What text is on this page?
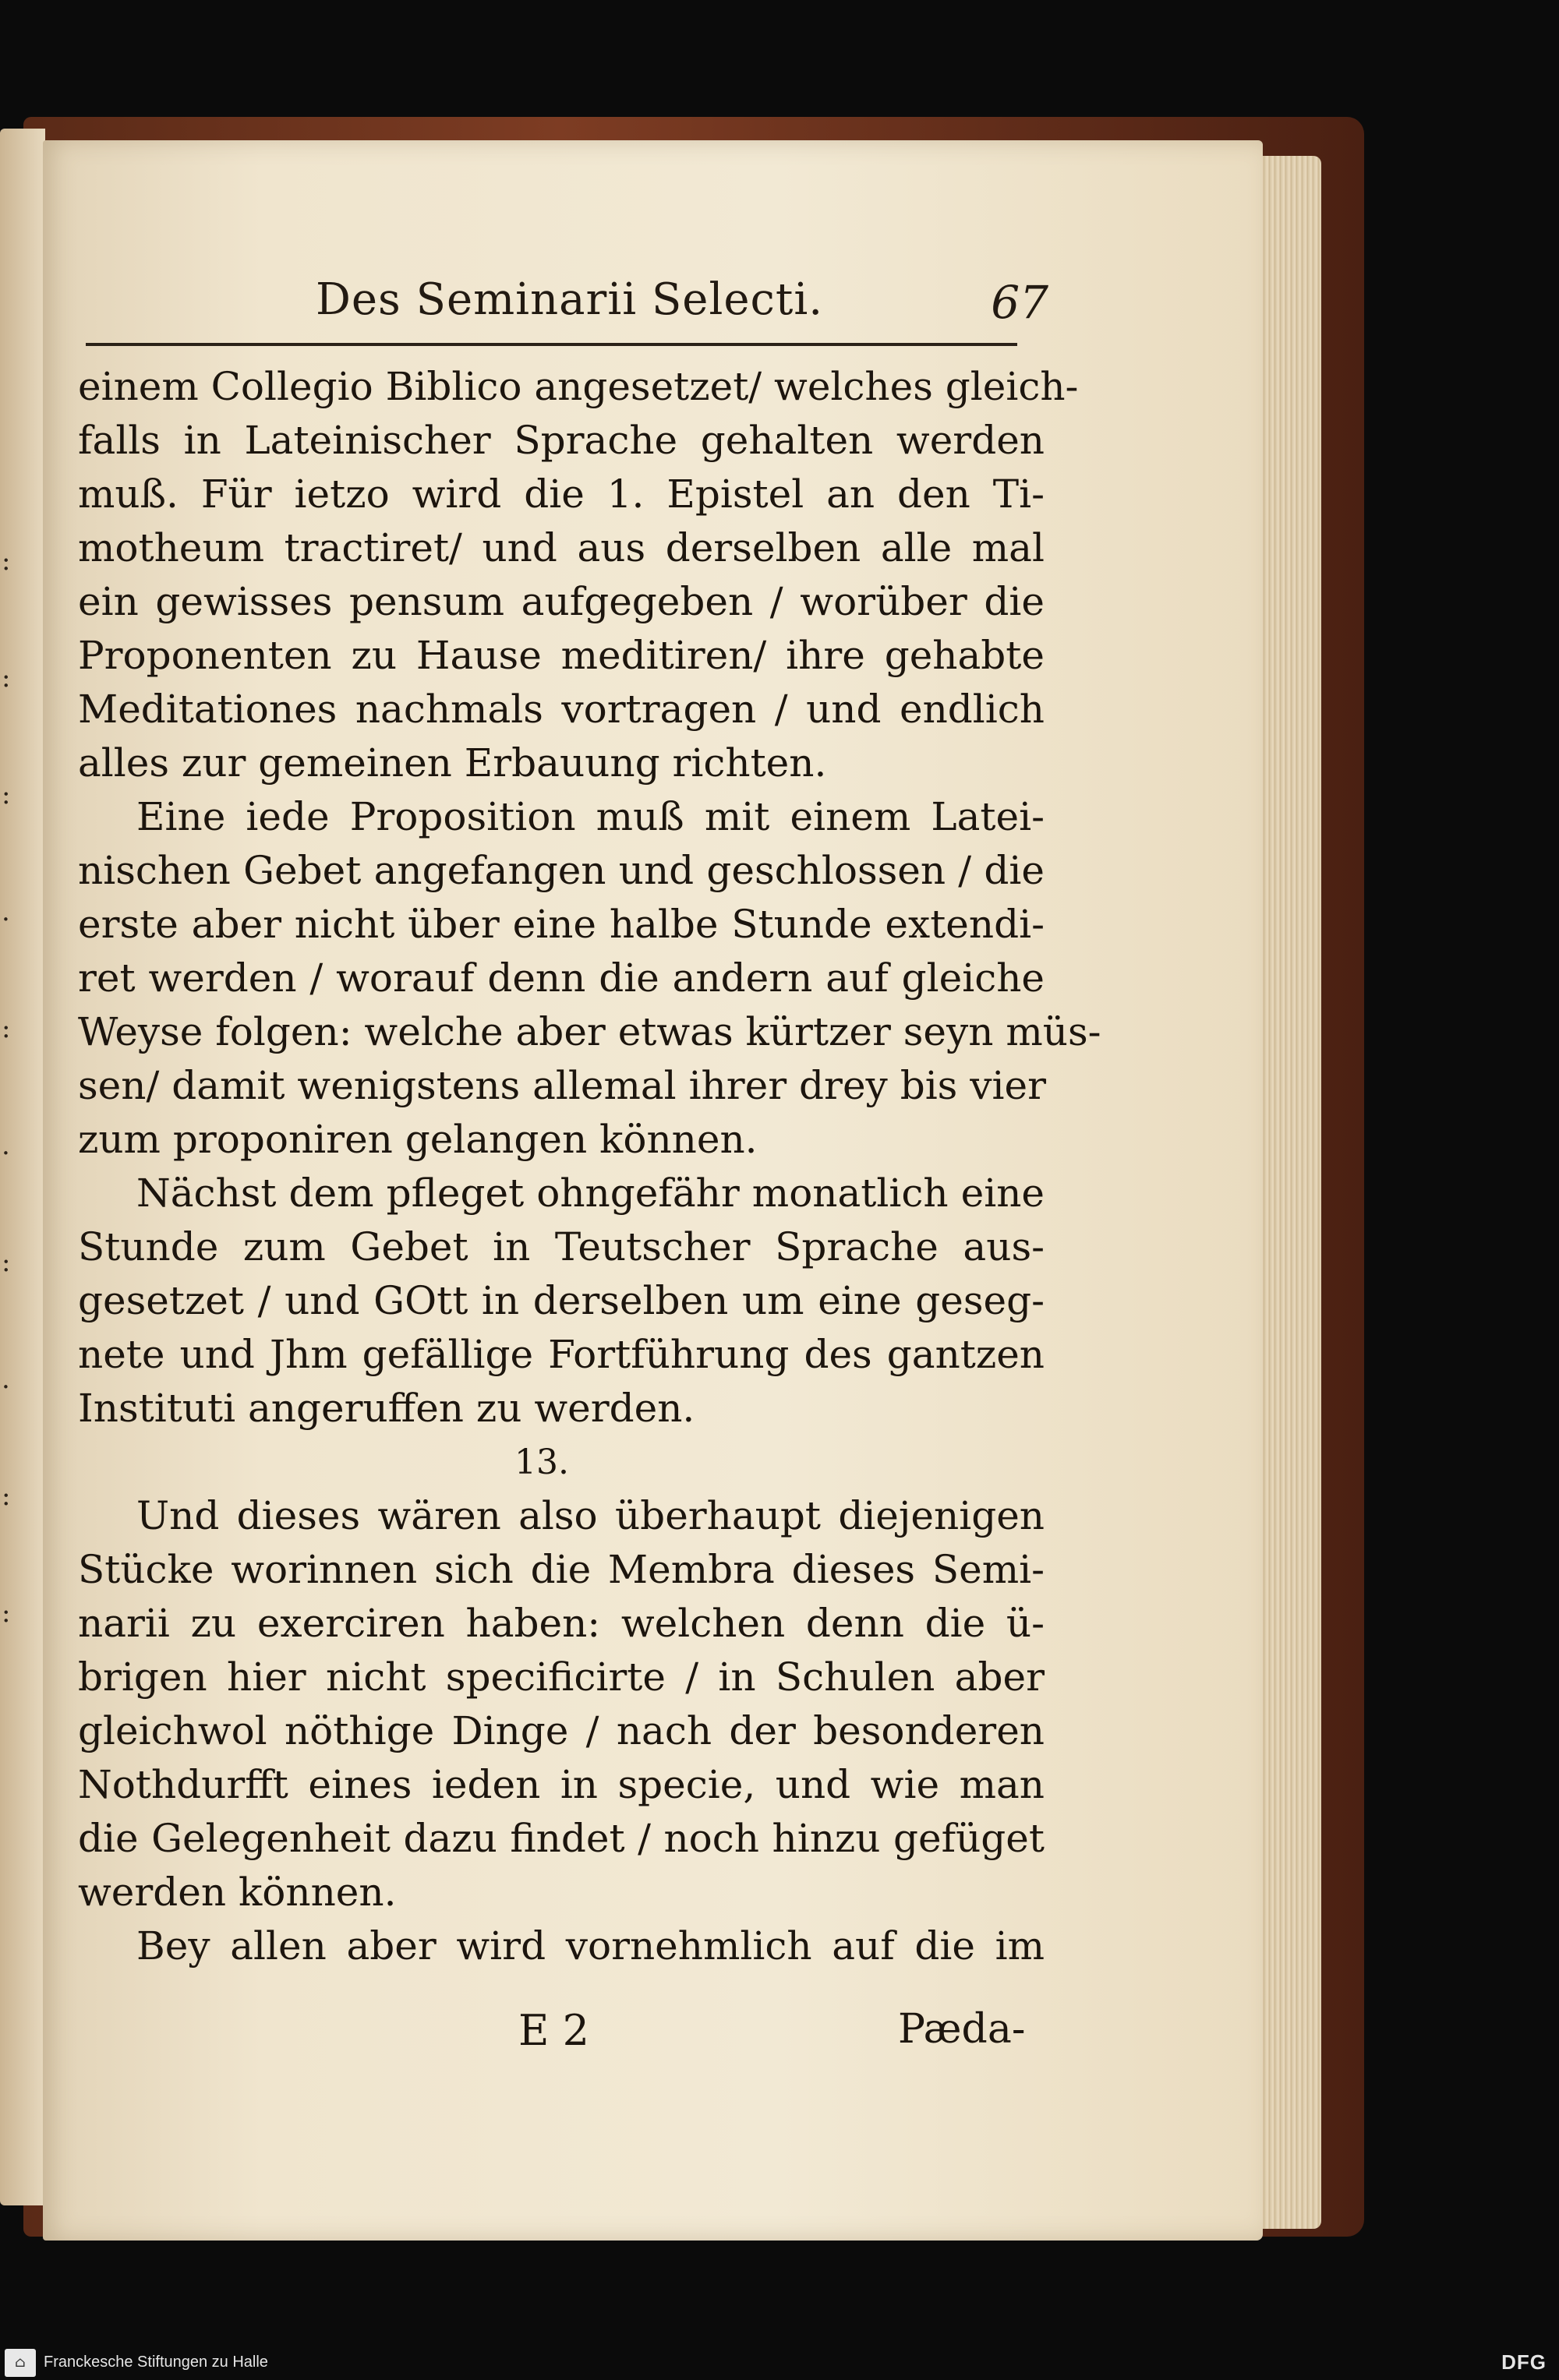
:
:
:
.
:
.
:
.
:
:
Des Seminarii Selecti.	67
einem Collegio Biblico angesetzet/ welches gleich-
falls in Lateinischer Sprache gehalten werden
muß. Für ietzo wird die 1. Epistel an den Ti-
motheum tractiret/ und aus derselben alle mal
ein gewisses pensum aufgegeben / worüber die
Proponenten zu Hause meditiren/ ihre gehabte
Meditationes nachmals vortragen / und endlich
alles zur gemeinen Erbauung richten.
Eine iede Proposition muß mit einem Latei-
nischen Gebet angefangen und geschlossen / die
erste aber nicht über eine halbe Stunde extendi-
ret werden / worauf denn die andern auf gleiche
Weyse folgen: welche aber etwas kürtzer seyn müs-
sen/ damit wenigstens allemal ihrer drey bis vier
zum proponiren gelangen können.
Nächst dem pfleget ohngefähr monatlich eine
Stunde zum Gebet in Teutscher Sprache aus-
gesetzet / und GOtt in derselben um eine geseg-
nete und Jhm gefällige Fortführung des gantzen
Instituti angeruffen zu werden.
13.
Und dieses wären also überhaupt diejenigen
Stücke worinnen sich die Membra dieses Semi-
narii zu exerciren haben: welchen denn die ü-
brigen hier nicht specificirte / in Schulen aber
gleichwol nöthige Dinge / nach der besonderen
Nothdurfft eines ieden in specie, und wie man
die Gelegenheit dazu findet / noch hinzu gefüget
werden können.
Bey allen aber wird vornehmlich auf die im
E 2	Pæda-
⌂	Franckesche Stiftungen zu Halle	DFG
